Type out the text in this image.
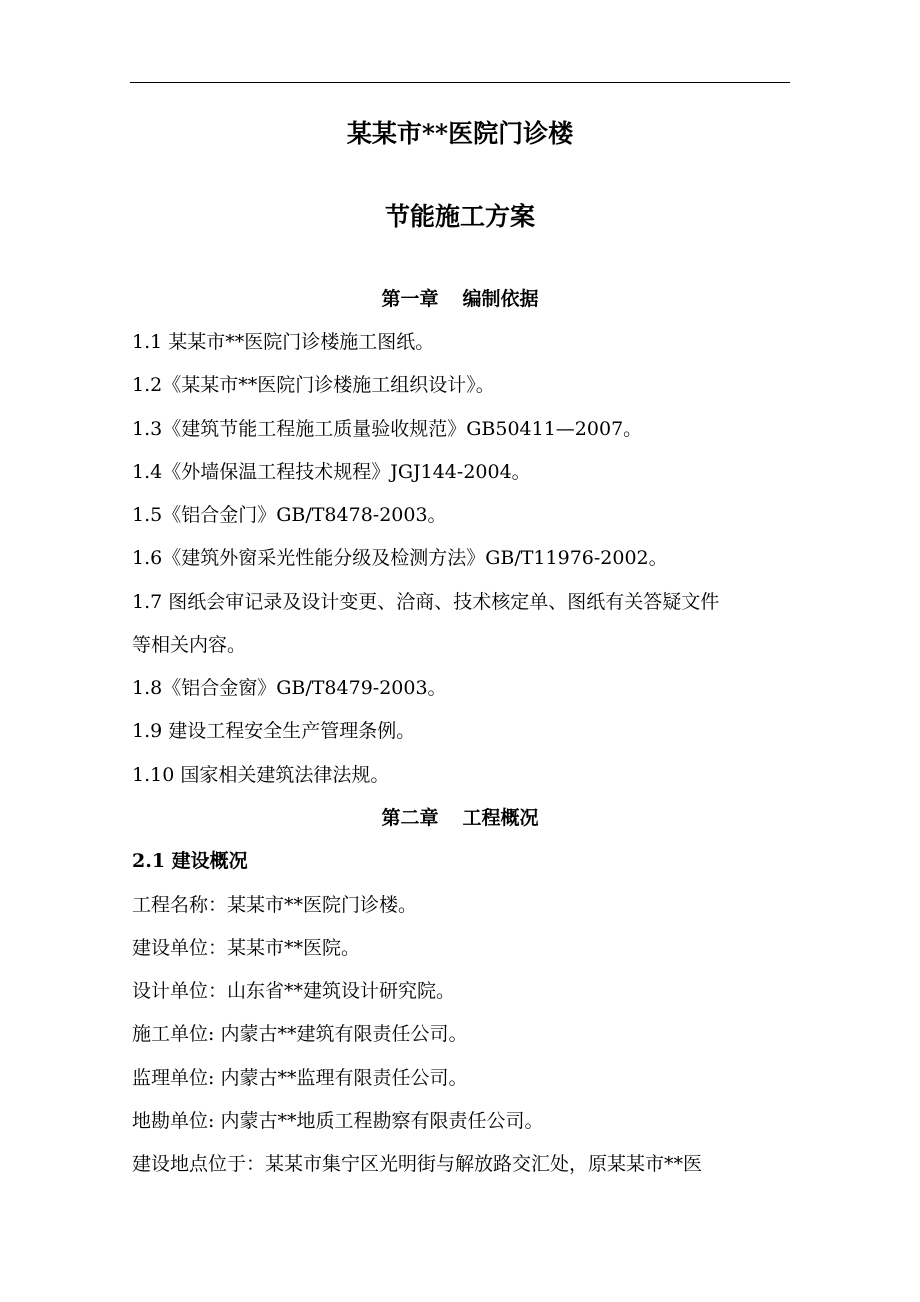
某某市**医院门诊楼
节能施工方案
第一章 编制依据
1.1 某某市**医院门诊楼施工图纸。
1.2《某某市**医院门诊楼施工组织设计》。
1.3《建筑节能工程施工质量验收规范》GB50411—2007。
1.4《外墙保温工程技术规程》JGJ144-2004。
1.5《铝合金门》GB/T8478-2003。
1.6《建筑外窗采光性能分级及检测方法》GB/T11976-2002。
1.7 图纸会审记录及设计变更、洽商、技术核定单、图纸有关答疑文件
等相关内容。
1.8《铝合金窗》GB/T8479-2003。
1.9 建设工程安全生产管理条例。
1.10 国家相关建筑法律法规。
第二章 工程概况
2.1 建设概况
工程名称：某某市**医院门诊楼。
建设单位：某某市**医院。
设计单位：山东省**建筑设计研究院。
施工单位: 内蒙古**建筑有限责任公司。
监理单位: 内蒙古**监理有限责任公司。
地勘单位: 内蒙古**地质工程勘察有限责任公司。
建设地点位于：某某市集宁区光明街与解放路交汇处，原某某市**医
